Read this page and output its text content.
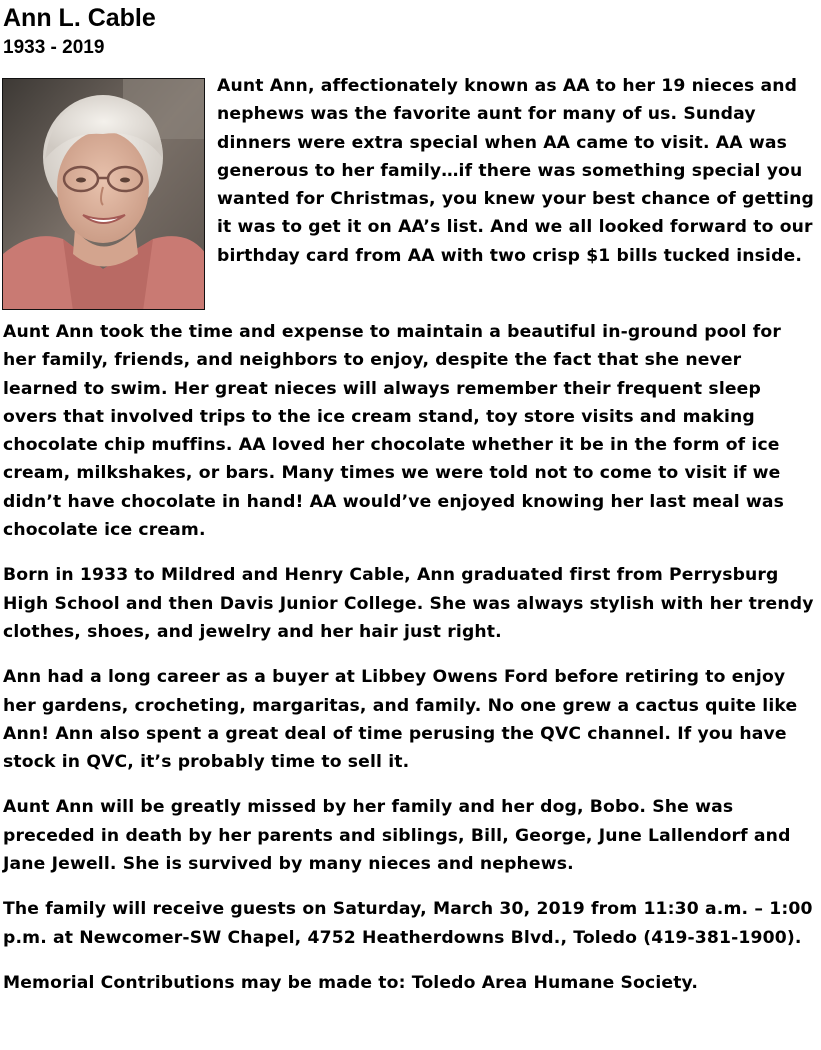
Ann L. Cable
1933 - 2019

Aunt Ann, affectionately known as AA to her 19 nieces and nephews was the favorite aunt for many of us. Sunday dinners were extra special when AA came to visit. AA was generous to her family…if there was something special you wanted for Christmas, you knew your best chance of getting it was to get it on AA’s list. And we all looked forward to our birthday card from AA with two crisp $1 bills tucked inside.

Aunt Ann took the time and expense to maintain a beautiful in-ground pool for her family, friends, and neighbors to enjoy, despite the fact that she never learned to swim. Her great nieces will always remember their frequent sleep overs that involved trips to the ice cream stand, toy store visits and making chocolate chip muffins. AA loved her chocolate whether it be in the form of ice cream, milkshakes, or bars. Many times we were told not to come to visit if we didn’t have chocolate in hand! AA would’ve enjoyed knowing her last meal was chocolate ice cream.

Born in 1933 to Mildred and Henry Cable, Ann graduated first from Perrysburg High School and then Davis Junior College. She was always stylish with her trendy clothes, shoes, and jewelry and her hair just right.

Ann had a long career as a buyer at Libbey Owens Ford before retiring to enjoy her gardens, crocheting, margaritas, and family. No one grew a cactus quite like Ann! Ann also spent a great deal of time perusing the QVC channel. If you have stock in QVC, it’s probably time to sell it.

Aunt Ann will be greatly missed by her family and her dog, Bobo. She was preceded in death by her parents and siblings, Bill, George, June Lallendorf and Jane Jewell. She is survived by many nieces and nephews.

The family will receive guests on Saturday, March 30, 2019 from 11:30 a.m. – 1:00 p.m. at Newcomer-SW Chapel, 4752 Heatherdowns Blvd., Toledo (419-381-1900).

Memorial Contributions may be made to: Toledo Area Humane Society.
